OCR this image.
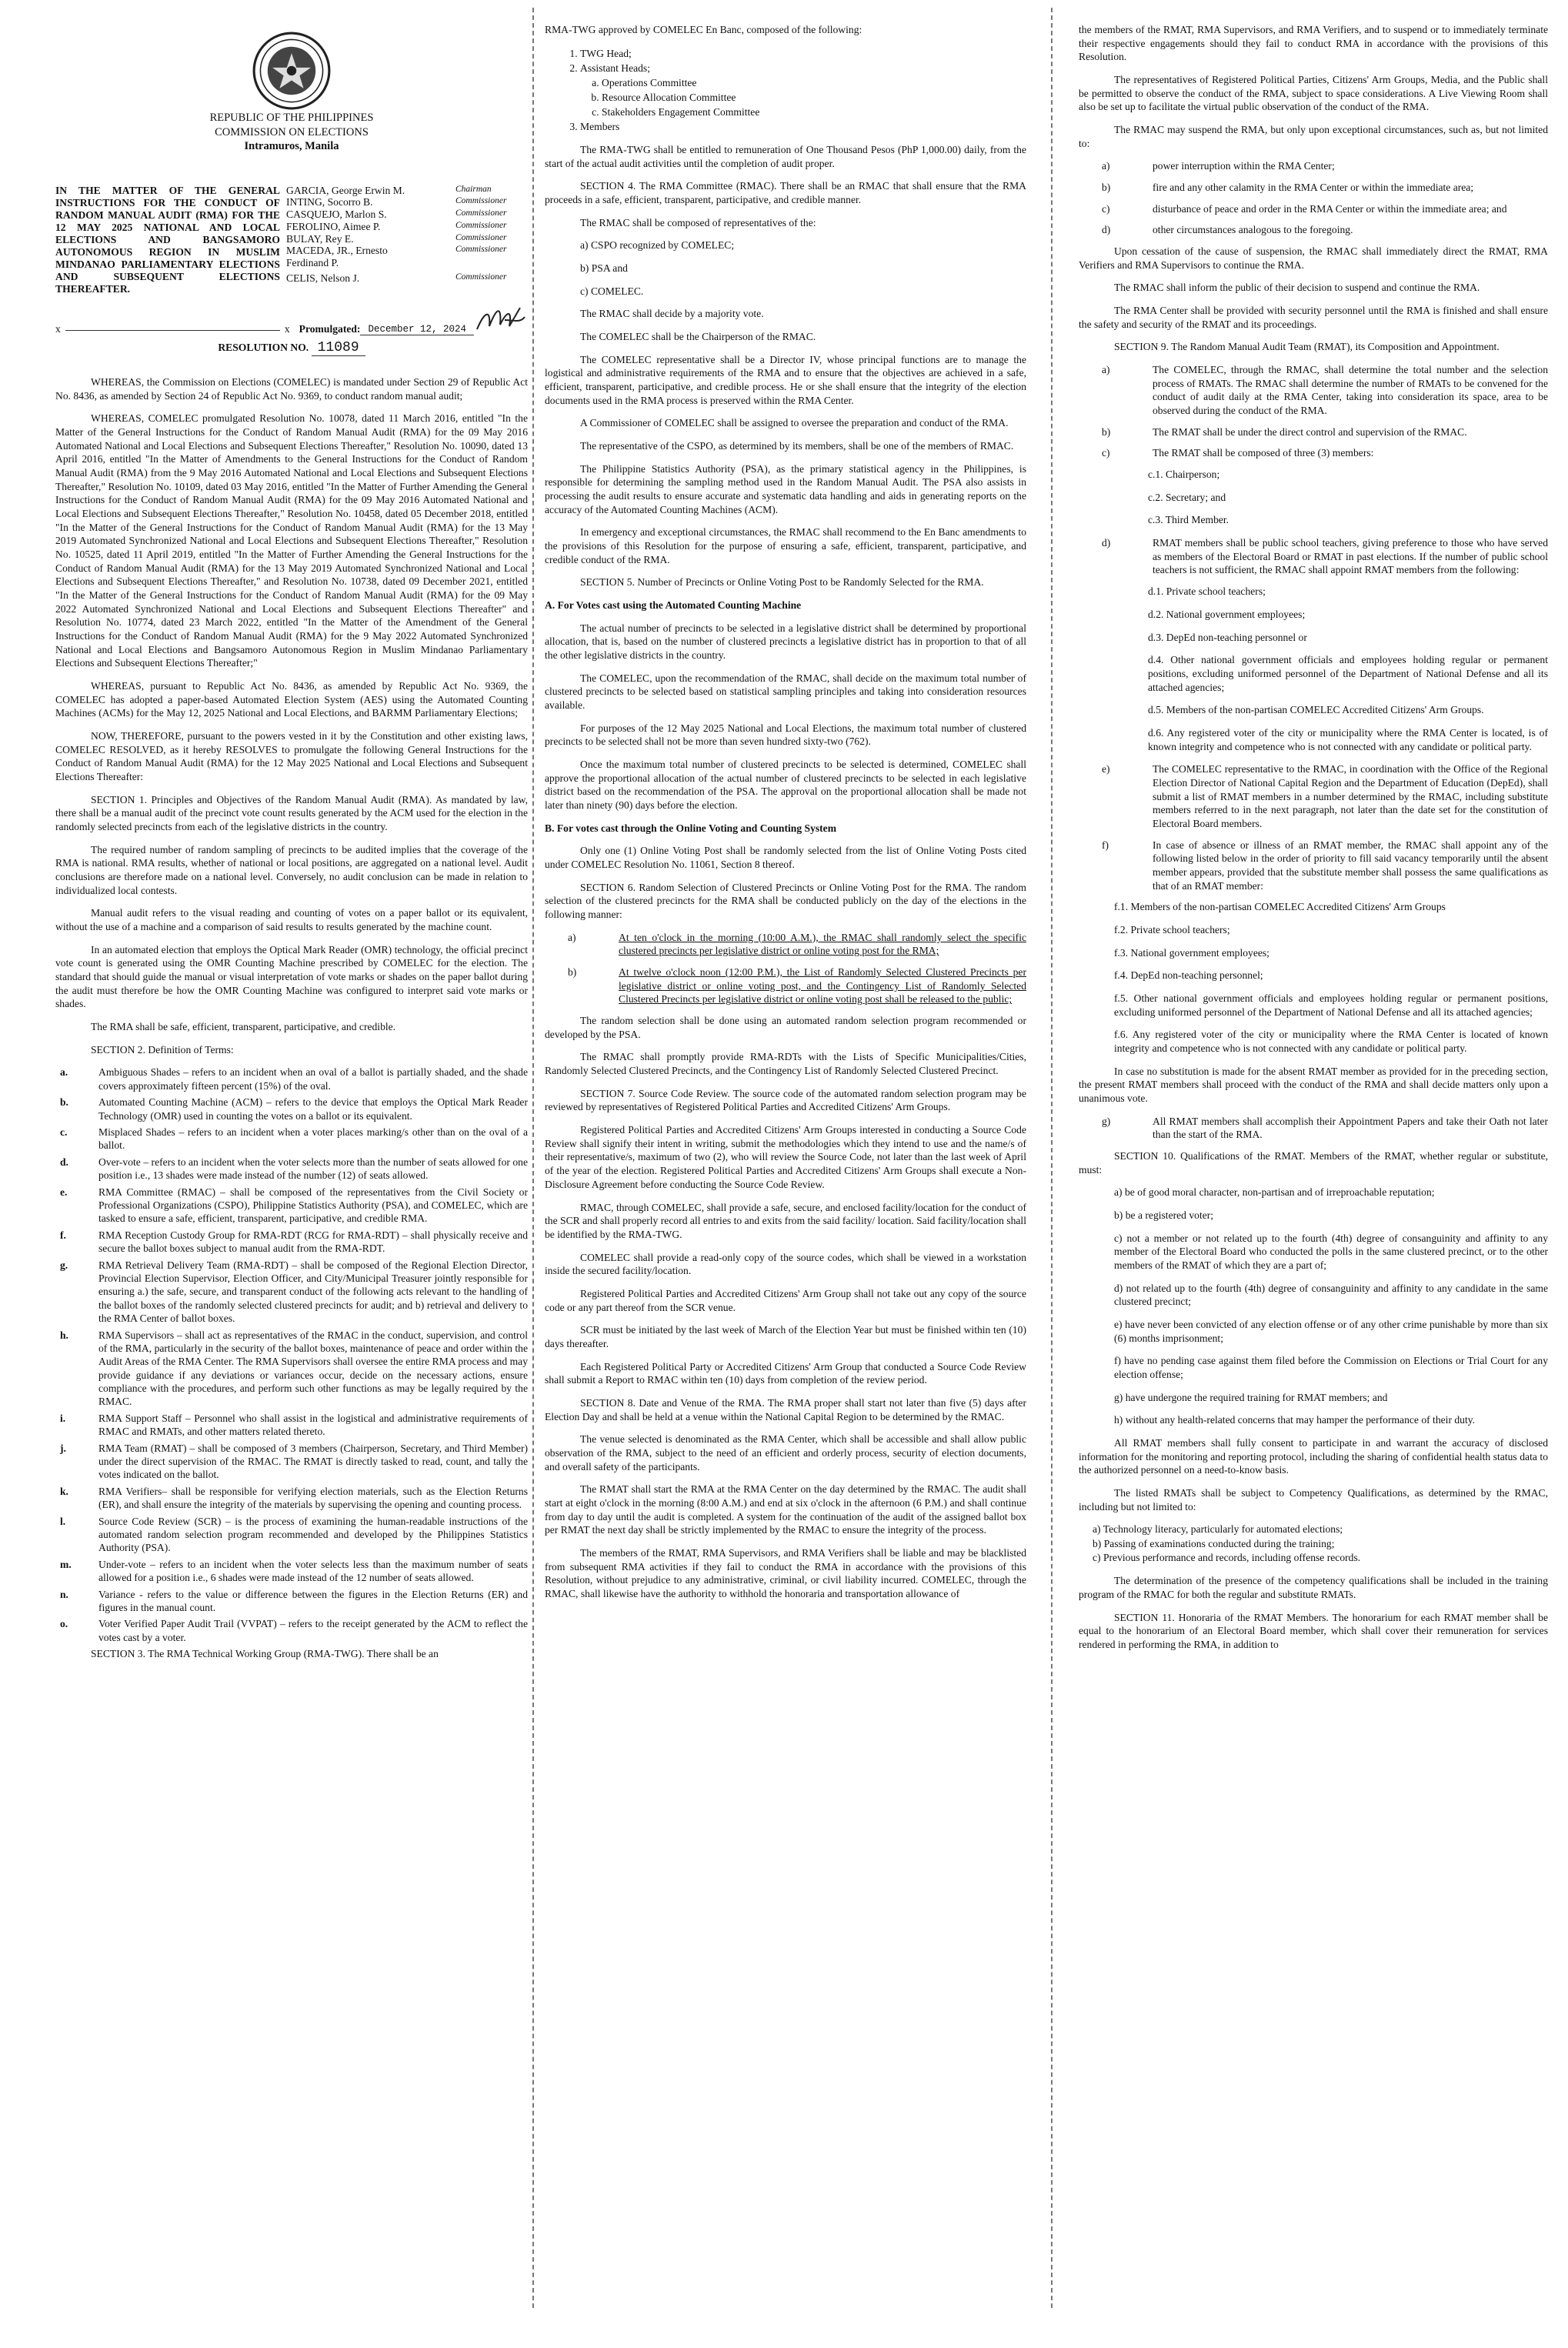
REPUBLIC OF THE PHILIPPINES
COMMISSION ON ELECTIONS
Intramuros, Manila
IN THE MATTER OF THE GENERAL INSTRUCTIONS FOR THE CONDUCT OF RANDOM MANUAL AUDIT (RMA) FOR THE 12 MAY 2025 NATIONAL AND LOCAL ELECTIONS AND BANGSAMORO AUTONOMOUS REGION IN MUSLIM MINDANAO PARLIAMENTARY ELECTIONS AND SUBSEQUENT ELECTIONS THEREAFTER.
GARCIA, George Erwin M.	Chairman
INTING, Socorro B.	Commissioner
CASQUEJO, Marlon S.	Commissioner
FEROLINO, Aimee P.	Commissioner
BULAY, Rey E.	Commissioner
MACEDA, JR., Ernesto	Commissioner
Ferdinand P.
CELIS, Nelson J.	Commissioner
x	x Promulgated: December 12, 2024
RESOLUTION NO. 11089

WHEREAS, the Commission on Elections (COMELEC) is mandated under Section 29 of Republic Act No. 8436, as amended by Section 24 of Republic Act No. 9369, to conduct random manual audit;

WHEREAS, COMELEC promulgated Resolution No. 10078, dated 11 March 2016, entitled "In the Matter of the General Instructions for the Conduct of Random Manual Audit (RMA) for the 09 May 2016 Automated National and Local Elections and Subsequent Elections Thereafter," Resolution No. 10090, dated 13 April 2016, entitled "In the Matter of Amendments to the General Instructions for the Conduct of Random Manual Audit (RMA) from the 9 May 2016 Automated National and Local Elections and Subsequent Elections Thereafter," Resolution No. 10109, dated 03 May 2016, entitled "In the Matter of Further Amending the General Instructions for the Conduct of Random Manual Audit (RMA) for the 09 May 2016 Automated National and Local Elections and Subsequent Elections Thereafter," Resolution No. 10458, dated 05 December 2018, entitled "In the Matter of the General Instructions for the Conduct of Random Manual Audit (RMA) for the 13 May 2019 Automated Synchronized National and Local Elections and Subsequent Elections Thereafter," Resolution No. 10525, dated 11 April 2019, entitled "In the Matter of Further Amending the General Instructions for the Conduct of Random Manual Audit (RMA) for the 13 May 2019 Automated Synchronized National and Local Elections and Subsequent Elections Thereafter," and Resolution No. 10738, dated 09 December 2021, entitled "In the Matter of the General Instructions for the Conduct of Random Manual Audit (RMA) for the 09 May 2022 Automated Synchronized National and Local Elections and Subsequent Elections Thereafter" and Resolution No. 10774, dated 23 March 2022, entitled "In the Matter of the Amendment of the General Instructions for the Conduct of Random Manual Audit (RMA) for the 9 May 2022 Automated Synchronized National and Local Elections and Bangsamoro Autonomous Region in Muslim Mindanao Parliamentary Elections and Subsequent Elections Thereafter;"

WHEREAS, pursuant to Republic Act No. 8436, as amended by Republic Act No. 9369, the COMELEC has adopted a paper-based Automated Election System (AES) using the Automated Counting Machines (ACMs) for the May 12, 2025 National and Local Elections, and BARMM Parliamentary Elections;

NOW, THEREFORE, pursuant to the powers vested in it by the Constitution and other existing laws, COMELEC RESOLVED, as it hereby RESOLVES to promulgate the following General Instructions for the Conduct of Random Manual Audit (RMA) for the 12 May 2025 National and Local Elections and Subsequent Elections Thereafter:

SECTION 1. Principles and Objectives of the Random Manual Audit (RMA). As mandated by law, there shall be a manual audit of the precinct vote count results generated by the ACM used for the election in the randomly selected precincts from each of the legislative districts in the country.

The required number of random sampling of precincts to be audited implies that the coverage of the RMA is national. RMA results, whether of national or local positions, are aggregated on a national level. Audit conclusions are therefore made on a national level. Conversely, no audit conclusion can be made in relation to individualized local contests.

Manual audit refers to the visual reading and counting of votes on a paper ballot or its equivalent, without the use of a machine and a comparison of said results to results generated by the machine count.

In an automated election that employs the Optical Mark Reader (OMR) technology, the official precinct vote count is generated using the OMR Counting Machine prescribed by COMELEC for the election. The standard that should guide the manual or visual interpretation of vote marks or shades on the paper ballot during the audit must therefore be how the OMR Counting Machine was configured to interpret said vote marks or shades.

The RMA shall be safe, efficient, transparent, participative, and credible.

SECTION 2. Definition of Terms:

a.	Ambiguous Shades – refers to an incident when an oval of a ballot is partially shaded, and the shade covers approximately fifteen percent (15%) of the oval.
b.	Automated Counting Machine (ACM) – refers to the device that employs the Optical Mark Reader Technology (OMR) used in counting the votes on a ballot or its equivalent.
c.	Misplaced Shades – refers to an incident when a voter places marking/s other than on the oval of a ballot.
d.	Over-vote – refers to an incident when the voter selects more than the number of seats allowed for one position i.e., 13 shades were made instead of the number (12) of seats allowed.
e.	RMA Committee (RMAC) – shall be composed of the representatives from the Civil Society or Professional Organizations (CSPO), Philippine Statistics Authority (PSA), and COMELEC, which are tasked to ensure a safe, efficient, transparent, participative, and credible RMA.
f.	RMA Reception Custody Group for RMA-RDT (RCG for RMA-RDT) – shall physically receive and secure the ballot boxes subject to manual audit from the RMA-RDT.
g.	RMA Retrieval Delivery Team (RMA-RDT) – shall be composed of the Regional Election Director, Provincial Election Supervisor, Election Officer, and City/Municipal Treasurer jointly responsible for ensuring a.) the safe, secure, and transparent conduct of the following acts relevant to the handling of the ballot boxes of the randomly selected clustered precincts for audit; and b) retrieval and delivery to the RMA Center of ballot boxes.
h.	RMA Supervisors – shall act as representatives of the RMAC in the conduct, supervision, and control of the RMA, particularly in the security of the ballot boxes, maintenance of peace and order within the Audit Areas of the RMA Center. The RMA Supervisors shall oversee the entire RMA process and may provide guidance if any deviations or variances occur, decide on the necessary actions, ensure compliance with the procedures, and perform such other functions as may be legally required by the RMAC.
i.	RMA Support Staff – Personnel who shall assist in the logistical and administrative requirements of RMAC and RMATs, and other matters related thereto.
j.	RMA Team (RMAT) – shall be composed of 3 members (Chairperson, Secretary, and Third Member) under the direct supervision of the RMAC. The RMAT is directly tasked to read, count, and tally the votes indicated on the ballot.
k.	RMA Verifiers– shall be responsible for verifying election materials, such as the Election Returns (ER), and shall ensure the integrity of the materials by supervising the opening and counting process.
l.	Source Code Review (SCR) – is the process of examining the human-readable instructions of the automated random selection program recommended and developed by the Philippines Statistics Authority (PSA).
m.	Under-vote – refers to an incident when the voter selects less than the maximum number of seats allowed for a position i.e., 6 shades were made instead of the 12 number of seats allowed.
n.	Variance - refers to the value or difference between the figures in the Election Returns (ER) and figures in the manual count.
o.	Voter Verified Paper Audit Trail (VVPAT) – refers to the receipt generated by the ACM to reflect the votes cast by a voter.

SECTION 3. The RMA Technical Working Group (RMA-TWG). There shall be an

RMA-TWG approved by COMELEC En Banc, composed of the following:

1. TWG Head;
2. Assistant Heads;
a. Operations Committee
b. Resource Allocation Committee
c. Stakeholders Engagement Committee
3. Members

The RMA-TWG shall be entitled to remuneration of One Thousand Pesos (PhP 1,000.00) daily, from the start of the actual audit activities until the completion of audit proper.

SECTION 4. The RMA Committee (RMAC). There shall be an RMAC that shall ensure that the RMA proceeds in a safe, efficient, transparent, participative, and credible manner.

The RMAC shall be composed of representatives of the:

a) CSPO recognized by COMELEC;

b) PSA and

c) COMELEC.

The RMAC shall decide by a majority vote.

The COMELEC shall be the Chairperson of the RMAC.

The COMELEC representative shall be a Director IV, whose principal functions are to manage the logistical and administrative requirements of the RMA and to ensure that the objectives are achieved in a safe, efficient, transparent, participative, and credible process. He or she shall ensure that the integrity of the election documents used in the RMA process is preserved within the RMA Center.

A Commissioner of COMELEC shall be assigned to oversee the preparation and conduct of the RMA.

The representative of the CSPO, as determined by its members, shall be one of the members of RMAC.

The Philippine Statistics Authority (PSA), as the primary statistical agency in the Philippines, is responsible for determining the sampling method used in the Random Manual Audit. The PSA also assists in processing the audit results to ensure accurate and systematic data handling and aids in generating reports on the accuracy of the Automated Counting Machines (ACM).

In emergency and exceptional circumstances, the RMAC shall recommend to the En Banc amendments to the provisions of this Resolution for the purpose of ensuring a safe, efficient, transparent, participative, and credible conduct of the RMA.

SECTION 5. Number of Precincts or Online Voting Post to be Randomly Selected for the RMA.

A. For Votes cast using the Automated Counting Machine

The actual number of precincts to be selected in a legislative district shall be determined by proportional allocation, that is, based on the number of clustered precincts a legislative district has in proportion to that of all the other legislative districts in the country.

The COMELEC, upon the recommendation of the RMAC, shall decide on the maximum total number of clustered precincts to be selected based on statistical sampling principles and taking into consideration resources available.

For purposes of the 12 May 2025 National and Local Elections, the maximum total number of clustered precincts to be selected shall not be more than seven hundred sixty-two (762).

Once the maximum total number of clustered precincts to be selected is determined, COMELEC shall approve the proportional allocation of the actual number of clustered precincts to be selected in each legislative district based on the recommendation of the PSA. The approval on the proportional allocation shall be made not later than ninety (90) days before the election.

B. For votes cast through the Online Voting and Counting System

Only one (1) Online Voting Post shall be randomly selected from the list of Online Voting Posts cited under COMELEC Resolution No. 11061, Section 8 thereof.

SECTION 6. Random Selection of Clustered Precincts or Online Voting Post for the RMA. The random selection of the clustered precincts for the RMA shall be conducted publicly on the day of the elections in the following manner:

a)	At ten o'clock in the morning (10:00 A.M.), the RMAC shall randomly select the specific clustered precincts per legislative district or online voting post for the RMA;
b)	At twelve o'clock noon (12:00 P.M.), the List of Randomly Selected Clustered Precincts per legislative district or online voting post, and the Contingency List of Randomly Selected Clustered Precincts per legislative district or online voting post shall be released to the public;

The random selection shall be done using an automated random selection program recommended or developed by the PSA.

The RMAC shall promptly provide RMA-RDTs with the Lists of Specific Municipalities/Cities, Randomly Selected Clustered Precincts, and the Contingency List of Randomly Selected Clustered Precinct.

SECTION 7. Source Code Review. The source code of the automated random selection program may be reviewed by representatives of Registered Political Parties and Accredited Citizens' Arm Groups.

Registered Political Parties and Accredited Citizens' Arm Groups interested in conducting a Source Code Review shall signify their intent in writing, submit the methodologies which they intend to use and the name/s of their representative/s, maximum of two (2), who will review the Source Code, not later than the last week of April of the year of the election. Registered Political Parties and Accredited Citizens' Arm Groups shall execute a Non-Disclosure Agreement before conducting the Source Code Review.

RMAC, through COMELEC, shall provide a safe, secure, and enclosed facility/location for the conduct of the SCR and shall properly record all entries to and exits from the said facility/ location. Said facility/location shall be identified by the RMA-TWG.

COMELEC shall provide a read-only copy of the source codes, which shall be viewed in a workstation inside the secured facility/location.

Registered Political Parties and Accredited Citizens' Arm Group shall not take out any copy of the source code or any part thereof from the SCR venue.

SCR must be initiated by the last week of March of the Election Year but must be finished within ten (10) days thereafter.

Each Registered Political Party or Accredited Citizens' Arm Group that conducted a Source Code Review shall submit a Report to RMAC within ten (10) days from completion of the review period.

SECTION 8. Date and Venue of the RMA. The RMA proper shall start not later than five (5) days after Election Day and shall be held at a venue within the National Capital Region to be determined by the RMAC.

The venue selected is denominated as the RMA Center, which shall be accessible and shall allow public observation of the RMA, subject to the need of an efficient and orderly process, security of election documents, and overall safety of the participants.

The RMAT shall start the RMA at the RMA Center on the day determined by the RMAC. The audit shall start at eight o'clock in the morning (8:00 A.M.) and end at six o'clock in the afternoon (6 P.M.) and shall continue from day to day until the audit is completed. A system for the continuation of the audit of the assigned ballot box per RMAT the next day shall be strictly implemented by the RMAC to ensure the integrity of the process.

The members of the RMAT, RMA Supervisors, and RMA Verifiers shall be liable and may be blacklisted from subsequent RMA activities if they fail to conduct the RMA in accordance with the provisions of this Resolution, without prejudice to any administrative, criminal, or civil liability incurred. COMELEC, through the RMAC, shall likewise have the authority to withhold the honoraria and transportation allowance of

the members of the RMAT, RMA Supervisors, and RMA Verifiers, and to suspend or to immediately terminate their respective engagements should they fail to conduct RMA in accordance with the provisions of this Resolution.

The representatives of Registered Political Parties, Citizens' Arm Groups, Media, and the Public shall be permitted to observe the conduct of the RMA, subject to space considerations. A Live Viewing Room shall also be set up to facilitate the virtual public observation of the conduct of the RMA.

The RMAC may suspend the RMA, but only upon exceptional circumstances, such as, but not limited to:

a)	power interruption within the RMA Center;
b)	fire and any other calamity in the RMA Center or within the immediate area;
c)	disturbance of peace and order in the RMA Center or within the immediate area; and
d)	other circumstances analogous to the foregoing.

Upon cessation of the cause of suspension, the RMAC shall immediately direct the RMAT, RMA Verifiers and RMA Supervisors to continue the RMA.

The RMAC shall inform the public of their decision to suspend and continue the RMA.

The RMA Center shall be provided with security personnel until the RMA is finished and shall ensure the safety and security of the RMAT and its proceedings.

SECTION 9. The Random Manual Audit Team (RMAT), its Composition and Appointment.

a)	The COMELEC, through the RMAC, shall determine the total number and the selection process of RMATs. The RMAC shall determine the number of RMATs to be convened for the conduct of audit daily at the RMA Center, taking into consideration its space, area to be observed during the conduct of the RMA.
b)	The RMAT shall be under the direct control and supervision of the RMAC.
c)	The RMAT shall be composed of three (3) members:

c.1. Chairperson;

c.2. Secretary; and

c.3. Third Member.

d)	RMAT members shall be public school teachers, giving preference to those who have served as members of the Electoral Board or RMAT in past elections. If the number of public school teachers is not sufficient, the RMAC shall appoint RMAT members from the following:

d.1. Private school teachers;

d.2. National government employees;

d.3. DepEd non-teaching personnel or

d.4. Other national government officials and employees holding regular or permanent positions, excluding uniformed personnel of the Department of National Defense and all its attached agencies;

d.5. Members of the non-partisan COMELEC Accredited Citizens' Arm Groups.

d.6. Any registered voter of the city or municipality where the RMA Center is located, is of known integrity and competence who is not connected with any candidate or political party.

e)	The COMELEC representative to the RMAC, in coordination with the Office of the Regional Election Director of National Capital Region and the Department of Education (DepEd), shall submit a list of RMAT members in a number determined by the RMAC, including substitute members referred to in the next paragraph, not later than the date set for the constitution of Electoral Board members.
f)	In case of absence or illness of an RMAT member, the RMAC shall appoint any of the following listed below in the order of priority to fill said vacancy temporarily until the absent member appears, provided that the substitute member shall possess the same qualifications as that of an RMAT member:

f.1. Members of the non-partisan COMELEC Accredited Citizens' Arm Groups

f.2. Private school teachers;

f.3. National government employees;

f.4. DepEd non-teaching personnel;

f.5. Other national government officials and employees holding regular or permanent positions, excluding uniformed personnel of the Department of National Defense and all its attached agencies;

f.6. Any registered voter of the city or municipality where the RMA Center is located of known integrity and competence who is not connected with any candidate or political party.

In case no substitution is made for the absent RMAT member as provided for in the preceding section, the present RMAT members shall proceed with the conduct of the RMA and shall decide matters only upon a unanimous vote.

g)	All RMAT members shall accomplish their Appointment Papers and take their Oath not later than the start of the RMA.

SECTION 10. Qualifications of the RMAT. Members of the RMAT, whether regular or substitute, must:

a) be of good moral character, non-partisan and of irreproachable reputation;

b) be a registered voter;

c) not a member or not related up to the fourth (4th) degree of consanguinity and affinity to any member of the Electoral Board who conducted the polls in the same clustered precinct, or to the other members of the RMAT of which they are a part of;

d) not related up to the fourth (4th) degree of consanguinity and affinity to any candidate in the same clustered precinct;

e) have never been convicted of any election offense or of any other crime punishable by more than six (6) months imprisonment;

f) have no pending case against them filed before the Commission on Elections or Trial Court for any election offense;

g) have undergone the required training for RMAT members; and

h) without any health-related concerns that may hamper the performance of their duty.

All RMAT members shall fully consent to participate in and warrant the accuracy of disclosed information for the monitoring and reporting protocol, including the sharing of confidential health status data to the authorized personnel on a need-to-know basis.

The listed RMATs shall be subject to Competency Qualifications, as determined by the RMAC, including but not limited to:

a) Technology literacy, particularly for automated elections;
b) Passing of examinations conducted during the training;
c) Previous performance and records, including offense records.

The determination of the presence of the competency qualifications shall be included in the training program of the RMAC for both the regular and substitute RMATs.

SECTION 11. Honoraria of the RMAT Members. The honorarium for each RMAT member shall be equal to the honorarium of an Electoral Board member, which shall cover their remuneration for services rendered in performing the RMA, in addition to
